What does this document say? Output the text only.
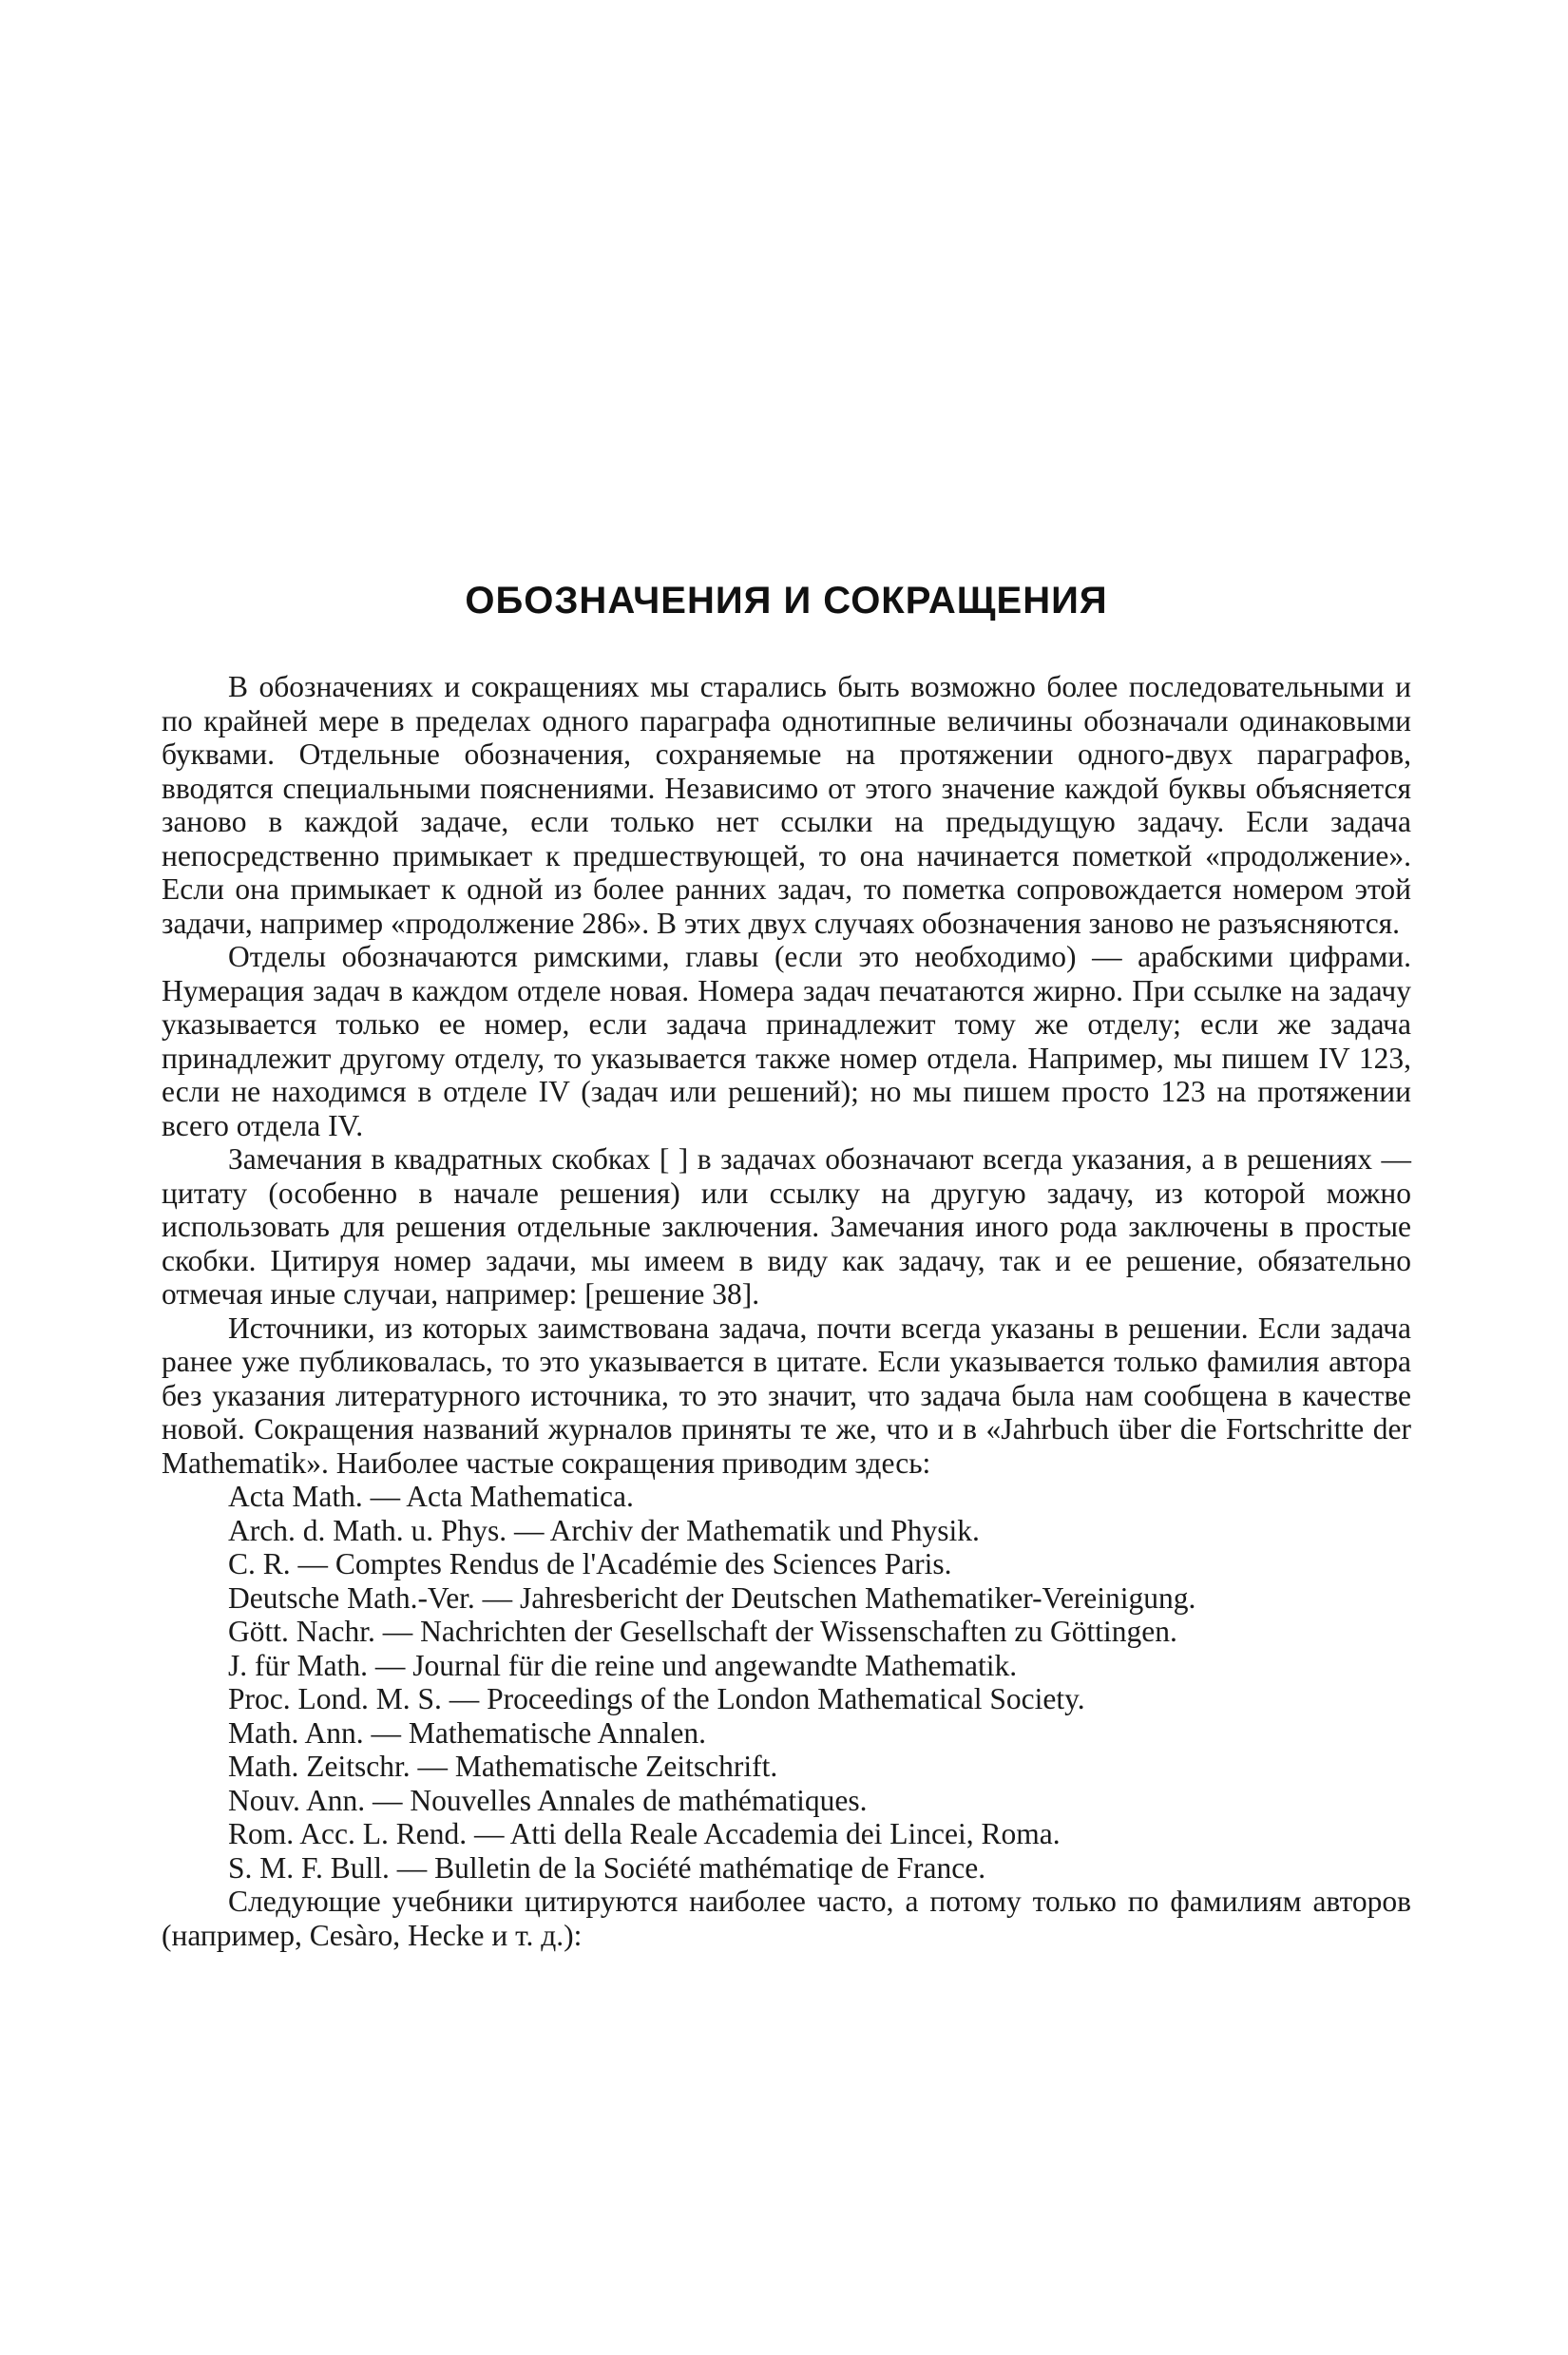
ОБОЗНАЧЕНИЯ И СОКРАЩЕНИЯ

В обозначениях и сокращениях мы старались быть возможно более последовательными и по крайней мере в пределах одного параграфа однотипные величины обозначали одинаковыми буквами. Отдельные обозначения, сохраняемые на протяжении одного-двух параграфов, вводятся специальными пояснениями. Независимо от этого значение каждой буквы объясняется заново в каждой задаче, если только нет ссылки на предыдущую задачу. Если задача непосредственно примыкает к предшествующей, то она начинается пометкой «продолжение». Если она примыкает к одной из более ранних задач, то пометка сопровождается номером этой задачи, например «продолжение 286». В этих двух случаях обозначения заново не разъясняются.

Отделы обозначаются римскими, главы (если это необходимо) — арабскими цифрами. Нумерация задач в каждом отделе новая. Номера задач печатаются жирно. При ссылке на задачу указывается только ее номер, если задача принадлежит тому же отделу; если же задача принадлежит другому отделу, то указывается также номер отдела. Например, мы пишем IV 123, если не находимся в отделе IV (задач или решений); но мы пишем просто 123 на протяжении всего отдела IV.

Замечания в квадратных скобках [ ] в задачах обозначают всегда указания, а в решениях — цитату (особенно в начале решения) или ссылку на другую задачу, из которой можно использовать для решения отдельные заключения. Замечания иного рода заключены в простые скобки. Цитируя номер задачи, мы имеем в виду как задачу, так и ее решение, обязательно отмечая иные случаи, например: [решение 38].

Источники, из которых заимствована задача, почти всегда указаны в решении. Если задача ранее уже публиковалась, то это указывается в цитате. Если указывается только фамилия автора без указания литературного источника, то это значит, что задача была нам сообщена в качестве новой. Сокращения названий журналов приняты те же, что и в «Jahrbuch über die Fortschritte der Mathematik». Наиболее частые сокращения приводим здесь:

Acta Math. — Acta Mathematica.
Arch. d. Math. u. Phys. — Archiv der Mathematik und Physik.
C. R. — Comptes Rendus de l'Académie des Sciences Paris.
Deutsche Math.-Ver. — Jahresbericht der Deutschen Mathematiker-Vereinigung.
Gött. Nachr. — Nachrichten der Gesellschaft der Wissenschaften zu Göttingen.
J. für Math. — Journal für die reine und angewandte Mathematik.
Proc. Lond. M. S. — Proceedings of the London Mathematical Society.
Math. Ann. — Mathematische Annalen.
Math. Zeitschr. — Mathematische Zeitschrift.
Nouv. Ann. — Nouvelles Annales de mathématiques.
Rom. Acc. L. Rend. — Atti della Reale Accademia dei Lincei, Roma.
S. M. F. Bull. — Bulletin de la Société mathématiqe de France.

Следующие учебники цитируются наиболее часто, а потому только по фамилиям авторов (например, Cesàro, Hecke и т. д.):
